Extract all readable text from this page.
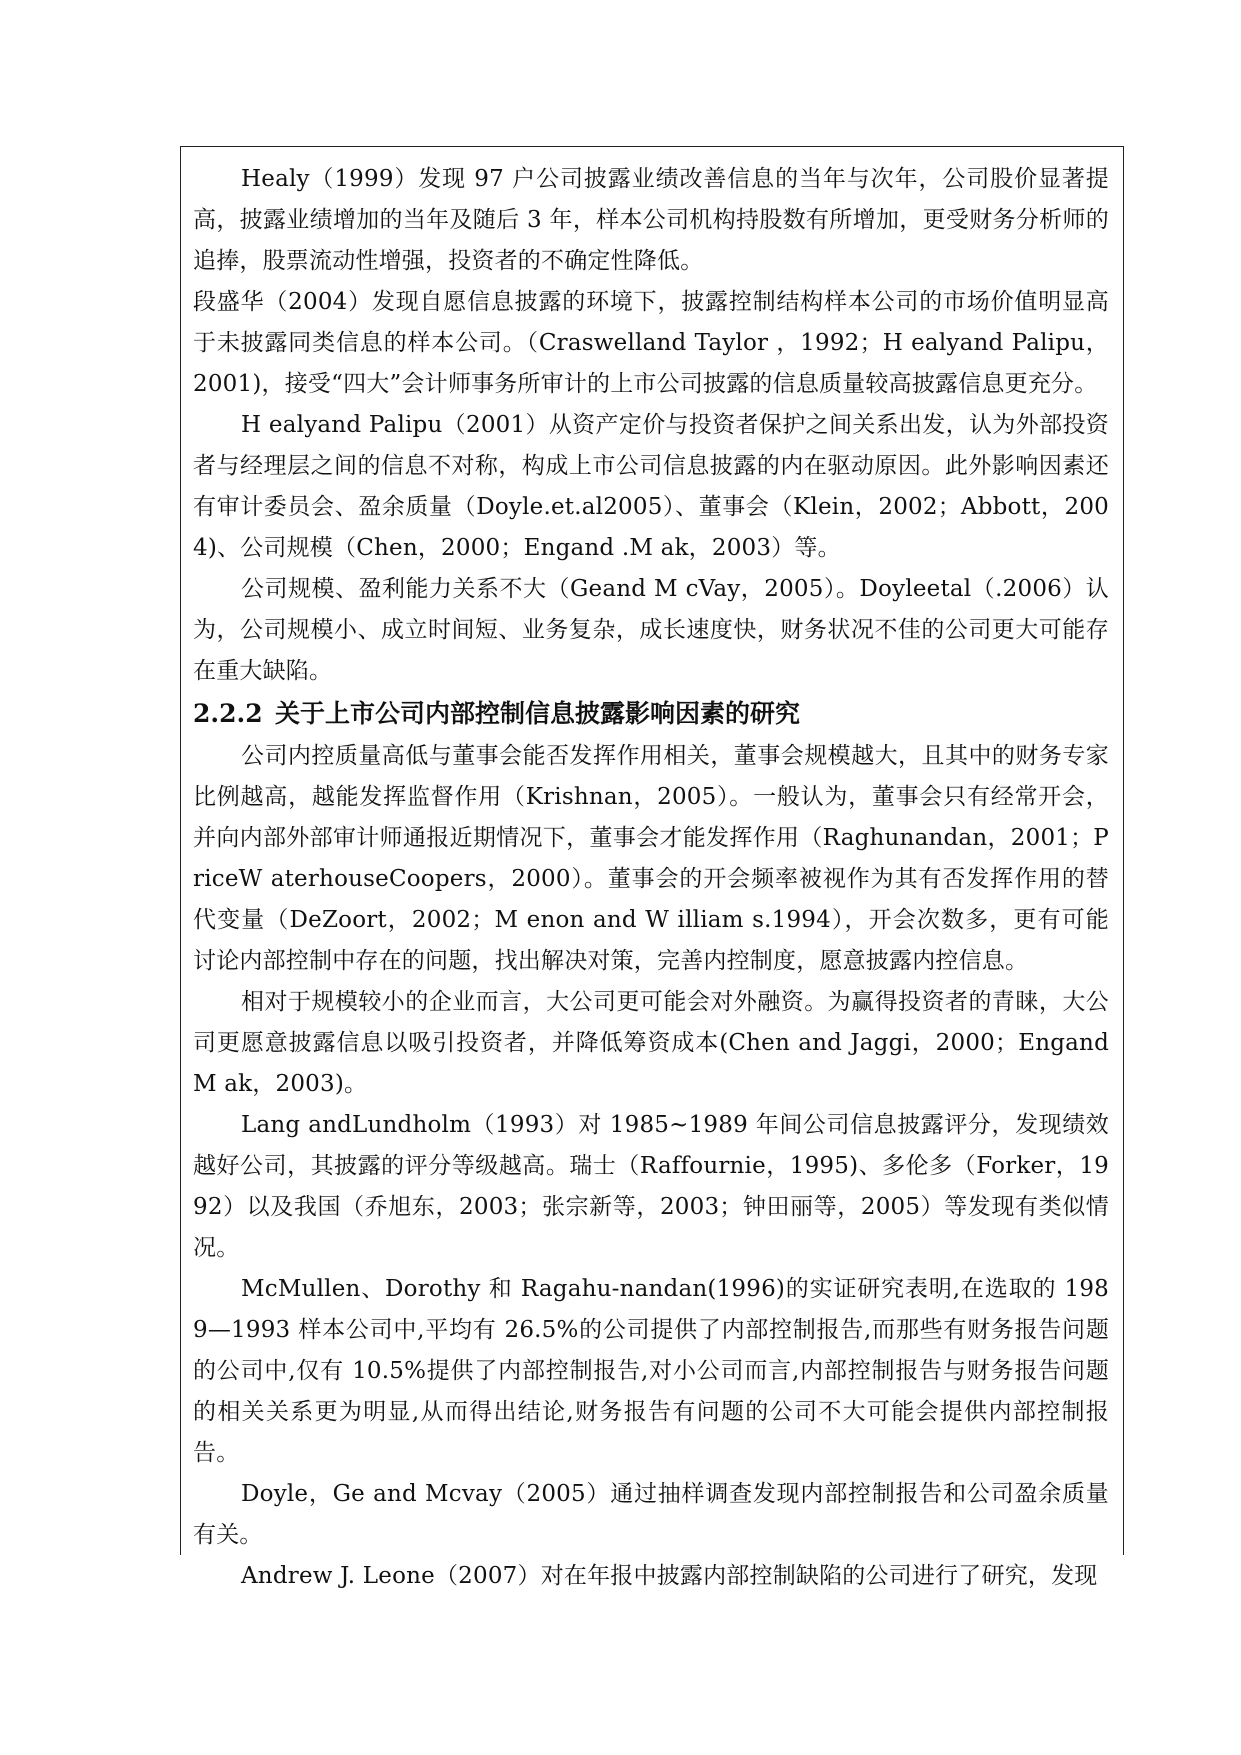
Healy（1999）发现 97 户公司披露业绩改善信息的当年与次年，公司股价显著提高，披露业绩增加的当年及随后 3 年，样本公司机构持股数有所增加，更受财务分析师的追捧，股票流动性增强，投资者的不确定性降低。

段盛华（2004）发现自愿信息披露的环境下，披露控制结构样本公司的市场价值明显高于未披露同类信息的样本公司。（Craswelland Taylor ，1992；H ealyand Palipu，2001)，接受“四大”会计师事务所审计的上市公司披露的信息质量较高披露信息更充分。

H ealyand Palipu（2001）从资产定价与投资者保护之间关系出发，认为外部投资者与经理层之间的信息不对称，构成上市公司信息披露的内在驱动原因。此外影响因素还有审计委员会、盈余质量（Doyle.et.al2005）、董事会（Klein，2002；Abbott，2004)、公司规模（Chen，2000；Engand .M ak，2003）等。

公司规模、盈利能力关系不大（Geand M cVay，2005）。Doyleetal（.2006）认为，公司规模小、成立时间短、业务复杂，成长速度快，财务状况不佳的公司更大可能存在重大缺陷。

2.2.2 关于上市公司内部控制信息披露影响因素的研究

公司内控质量高低与董事会能否发挥作用相关，董事会规模越大，且其中的财务专家比例越高，越能发挥监督作用（Krishnan，2005）。一般认为，董事会只有经常开会，并向内部外部审计师通报近期情况下，董事会才能发挥作用（Raghunandan，2001；PriceW aterhouseCoopers，2000）。董事会的开会频率被视作为其有否发挥作用的替代变量（DeZoort，2002；M enon and W illiam s.1994），开会次数多，更有可能讨论内部控制中存在的问题，找出解决对策，完善内控制度，愿意披露内控信息。

相对于规模较小的企业而言，大公司更可能会对外融资。为赢得投资者的青睐，大公司更愿意披露信息以吸引投资者，并降低筹资成本(Chen and Jaggi，2000；Engand M ak，2003)。

Lang andLundholm（1993）对 1985~1989 年间公司信息披露评分，发现绩效越好公司，其披露的评分等级越高。瑞士（Raffournie，1995)、多伦多（Forker，1992）以及我国（乔旭东，2003；张宗新等，2003；钟田丽等，2005）等发现有类似情况。

McMullen、Dorothy 和 Ragahu-nandan(1996)的实证研究表明,在选取的 1989—1993 样本公司中,平均有 26.5%的公司提供了内部控制报告,而那些有财务报告问题的公司中,仅有 10.5%提供了内部控制报告,对小公司而言,内部控制报告与财务报告问题的相关关系更为明显,从而得出结论,财务报告有问题的公司不大可能会提供内部控制报告。

Doyle，Ge and Mcvay（2005）通过抽样调查发现内部控制报告和公司盈余质量有关。

Andrew J. Leone（2007）对在年报中披露内部控制缺陷的公司进行了研究，发现
